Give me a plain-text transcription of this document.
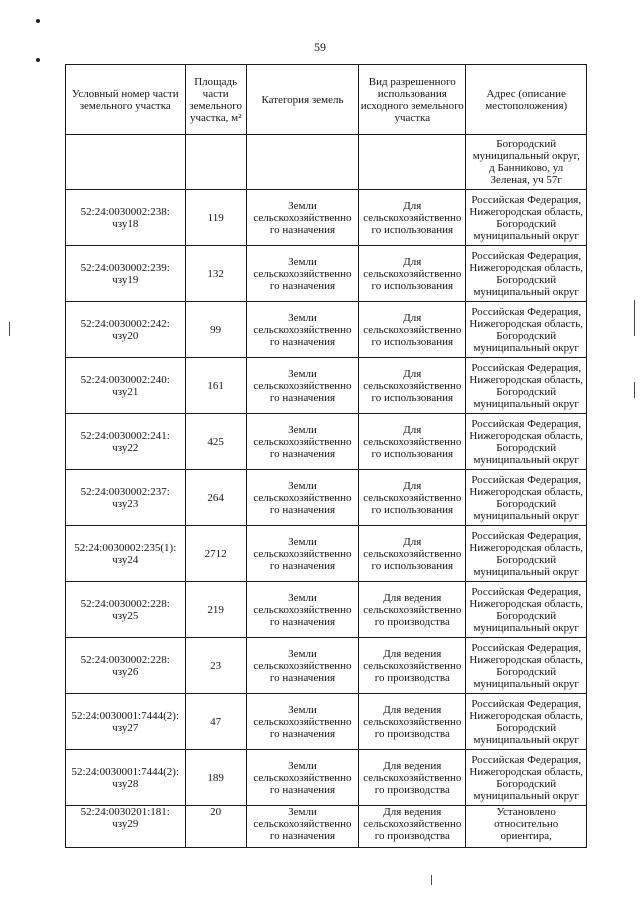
59
Условный номер части земельного участка	Площадь части земельного участка, м²	Категория земель	Вид разрешенного использования исходного земельного участка	Адрес (описание местоположения)

				Богородский
муниципальный округ,
д Банниково, ул
Зеленая, уч 57г

52:24:0030002:238:
чзу18	119	Земли
сельскохозяйственно
го назначения	Для
сельскохозяйственно
го использования	Российская Федерация,
Нижегородская область,
Богородский
муниципальный округ

52:24:0030002:239:
чзу19	132	Земли
сельскохозяйственно
го назначения	Для
сельскохозяйственно
го использования	Российская Федерация,
Нижегородская область,
Богородский
муниципальный округ

52:24:0030002:242:
чзу20	99	Земли
сельскохозяйственно
го назначения	Для
сельскохозяйственно
го использования	Российская Федерация,
Нижегородская область,
Богородский
муниципальный округ

52:24:0030002:240:
чзу21	161	Земли
сельскохозяйственно
го назначения	Для
сельскохозяйственно
го использования	Российская Федерация,
Нижегородская область,
Богородский
муниципальный округ

52:24:0030002:241:
чзу22	425	Земли
сельскохозяйственно
го назначения	Для
сельскохозяйственно
го использования	Российская Федерация,
Нижегородская область,
Богородский
муниципальный округ

52:24:0030002:237:
чзу23	264	Земли
сельскохозяйственно
го назначения	Для
сельскохозяйственно
го использования	Российская Федерация,
Нижегородская область,
Богородский
муниципальный округ

52:24:0030002:235(1):
чзу24	2712	Земли
сельскохозяйственно
го назначения	Для
сельскохозяйственно
го использования	Российская Федерация,
Нижегородская область,
Богородский
муниципальный округ

52:24:0030002:228:
чзу25	219	Земли
сельскохозяйственно
го назначения	Для ведения
сельскохозяйственно
го производства	Российская Федерация,
Нижегородская область,
Богородский
муниципальный округ

52:24:0030002:228:
чзу26	23	Земли
сельскохозяйственно
го назначения	Для ведения
сельскохозяйственно
го производства	Российская Федерация,
Нижегородская область,
Богородский
муниципальный округ

52:24:0030001:7444(2):
чзу27	47	Земли
сельскохозяйственно
го назначения	Для ведения
сельскохозяйственно
го производства	Российская Федерация,
Нижегородская область,
Богородский
муниципальный округ

52:24:0030001:7444(2):
чзу28	189	Земли
сельскохозяйственно
го назначения	Для ведения
сельскохозяйственно
го производства	Российская Федерация,
Нижегородская область,
Богородский
муниципальный округ

52:24:0030201:181:
чзу29	20	Земли
сельскохозяйственно
го назначения	Для ведения
сельскохозяйственно
го производства	Установлено
относительно
ориентира,
